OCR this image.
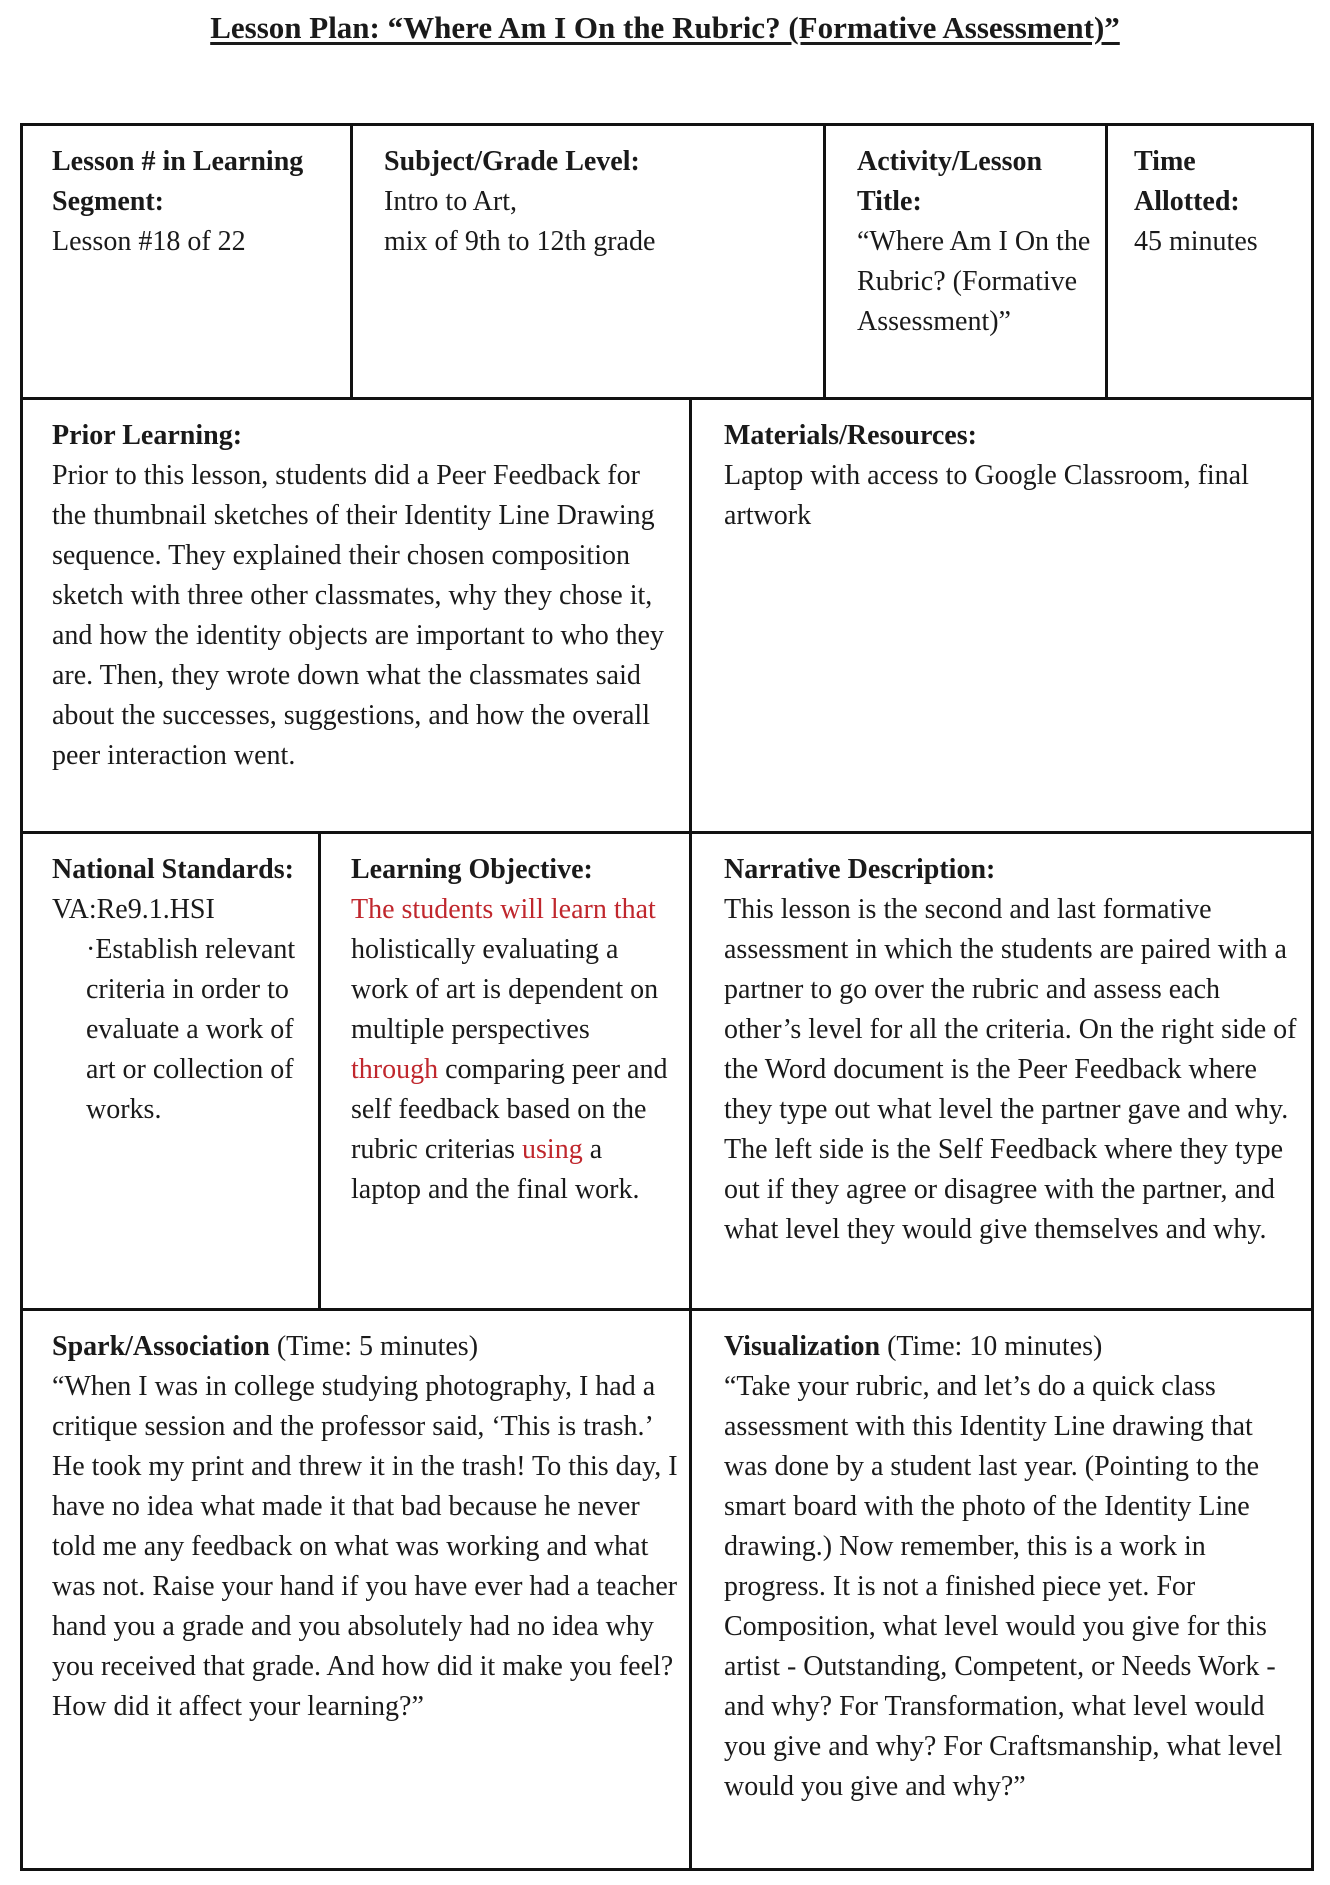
Lesson Plan: “Where Am I On the Rubric? (Formative Assessment)”
Lesson # in Learning Segment:
Lesson #18 of 22
Subject/Grade Level:
Intro to Art,
mix of 9th to 12th grade
Activity/Lesson Title:
“Where Am I On the Rubric? (Formative Assessment)”
Time Allotted:
45 minutes
Prior Learning:
Prior to this lesson, students did a Peer Feedback for the thumbnail sketches of their Identity Line Drawing sequence. They explained their chosen composition sketch with three other classmates, why they chose it, and how the identity objects are important to who they are. Then, they wrote down what the classmates said about the successes, suggestions, and how the overall peer interaction went.
Materials/Resources:
Laptop with access to Google Classroom, final artwork
National Standards:
VA:Re9.1.HSI
·Establish relevant criteria in order to evaluate a work of art or collection of works.
Learning Objective:
The students will learn that holistically evaluating a work of art is dependent on multiple perspectives through comparing peer and self feedback based on the rubric criterias using a laptop and the final work.
Narrative Description:
This lesson is the second and last formative assessment in which the students are paired with a partner to go over the rubric and assess each other’s level for all the criteria. On the right side of the Word document is the Peer Feedback where they type out what level the partner gave and why. The left side is the Self Feedback where they type out if they agree or disagree with the partner, and what level they would give themselves and why.
Spark/Association (Time: 5 minutes)
“When I was in college studying photography, I had a critique session and the professor said, ‘This is trash.’ He took my print and threw it in the trash! To this day, I have no idea what made it that bad because he never told me any feedback on what was working and what was not. Raise your hand if you have ever had a teacher hand you a grade and you absolutely had no idea why you received that grade. And how did it make you feel? How did it affect your learning?”
Visualization (Time: 10 minutes)
“Take your rubric, and let’s do a quick class assessment with this Identity Line drawing that was done by a student last year. (Pointing to the smart board with the photo of the Identity Line drawing.) Now remember, this is a work in progress. It is not a finished piece yet. For Composition, what level would you give for this artist - Outstanding, Competent, or Needs Work - and why? For Transformation, what level would you give and why? For Craftsmanship, what level would you give and why?”
